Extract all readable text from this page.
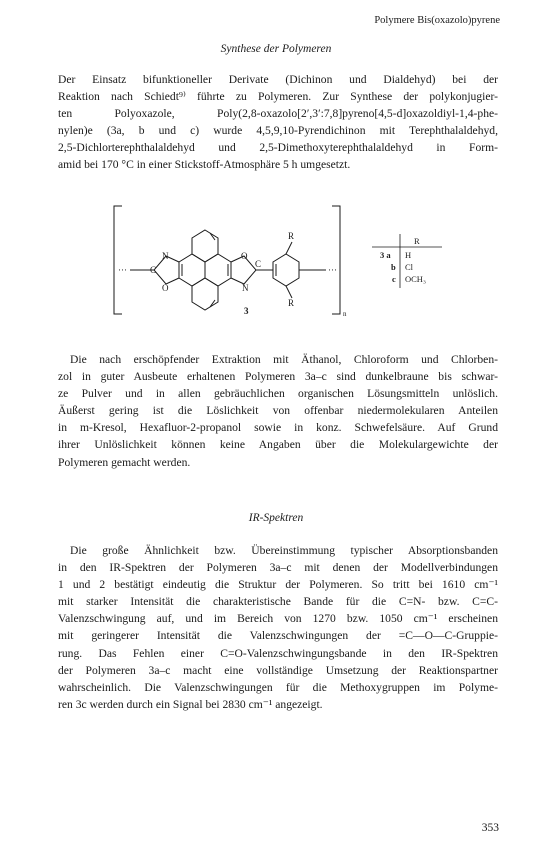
Polymere Bis(oxazolo)pyrene
Synthese der Polymeren

Der Einsatz bifunktioneller Derivate (Dichinon und Dialdehyd) bei der
Reaktion nach Schiedt⁹⁾ führte zu Polymeren. Zur Synthese der polykonjugier-
ten Polyoxazole, Poly(2,8-oxazolo[2′,3′:7,8]pyreno[4,5-d]oxazoldiyl-1,4-phe-
nylen)e (3a, b und c) wurde 4,5,9,10-Pyrendichinon mit Terephthalaldehyd,
2,5-Dichlorterephthalaldehyd und 2,5-Dimethoxyterephthalaldehyd in Form-
amid bei 170 °C in einer Stickstoff-Atmosphäre 5 h umgesetzt.

···
N
O
C
O
C
N
R
R
···
3	n
R
3 a H
b Cl
c OCH₃

Die nach erschöpfender Extraktion mit Äthanol, Chloroform und Chlorben-
zol in guter Ausbeute erhaltenen Polymeren 3a–c sind dunkelbraune bis schwar-
ze Pulver und in allen gebräuchlichen organischen Lösungsmitteln unlöslich.
Äußerst gering ist die Löslichkeit von offenbar niedermolekularen Anteilen
in m-Kresol, Hexafluor-2-propanol sowie in konz. Schwefelsäure. Auf Grund
ihrer Unlöslichkeit können keine Angaben über die Molekulargewichte der
Polymeren gemacht werden.

IR-Spektren

Die große Ähnlichkeit bzw. Übereinstimmung typischer Absorptionsbanden
in den IR-Spektren der Polymeren 3a–c mit denen der Modellverbindungen
1 und 2 bestätigt eindeutig die Struktur der Polymeren. So tritt bei 1610 cm⁻¹
mit starker Intensität die charakteristische Bande für die C=N- bzw. C=C-
Valenzschwingung auf, und im Bereich von 1270 bzw. 1050 cm⁻¹ erscheinen
mit geringerer Intensität die Valenzschwingungen der =C—O—C-Gruppie-
rung. Das Fehlen einer C=O-Valenzschwingungsbande in den IR-Spektren
der Polymeren 3a–c macht eine vollständige Umsetzung der Reaktionspartner
wahrscheinlich. Die Valenzschwingungen für die Methoxygruppen im Polyme-
ren 3c werden durch ein Signal bei 2830 cm⁻¹ angezeigt.

353
